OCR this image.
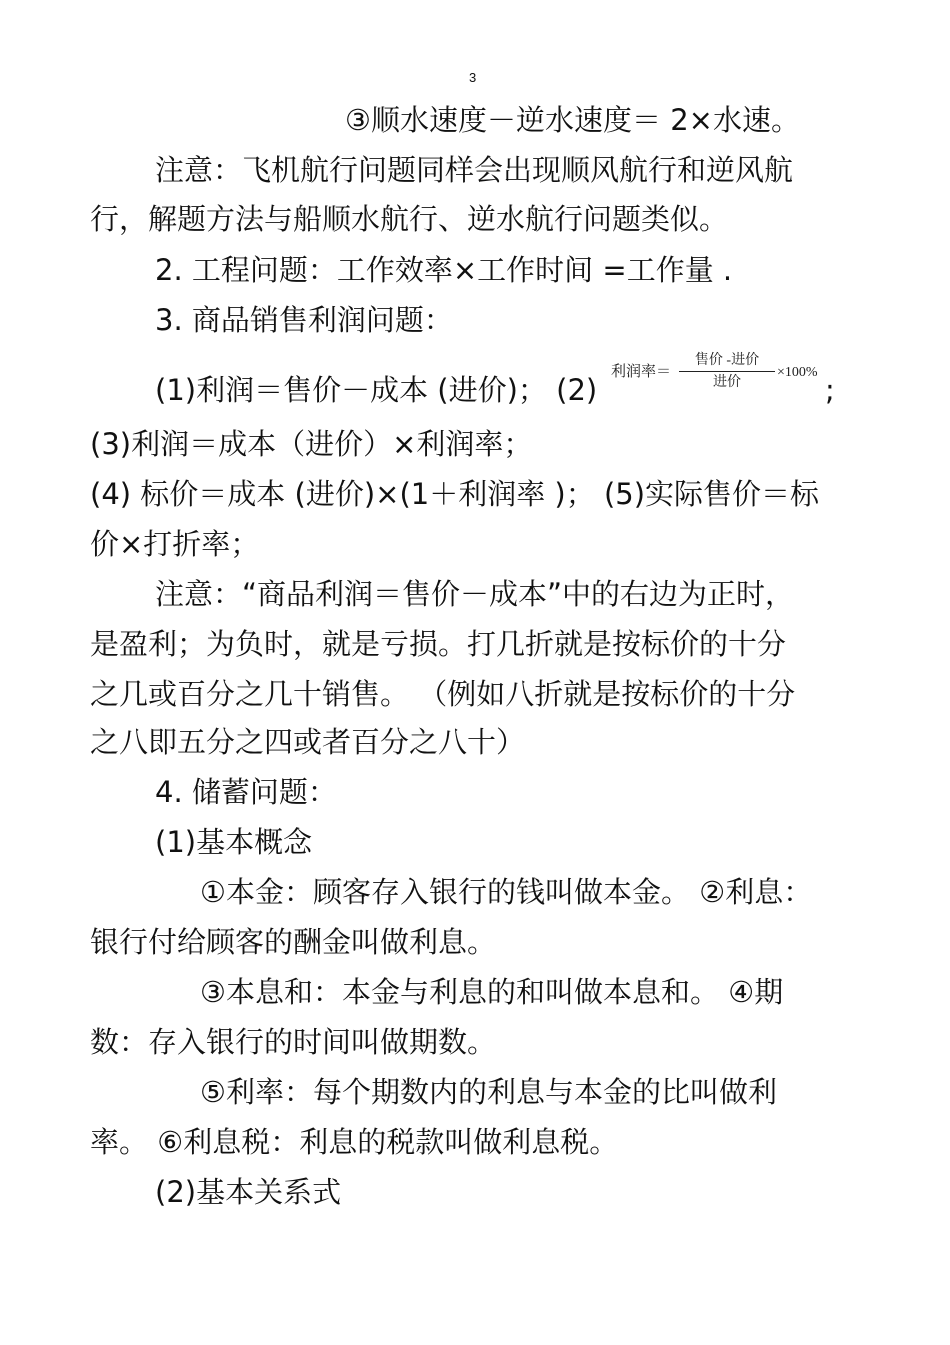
3
③顺水速度－逆水速度＝ 2×水速。
注意：飞机航行问题同样会出现顺风航行和逆风航
行，解题方法与船顺水航行、逆水航行问题类似。
2. 工程问题：工作效率×工作时间 =工作量 .
3. 商品销售利润问题：
(1)利润＝售价－成本 (进价)； (2)
利润率＝
售价 -进价
进价
×100%
;
(3)利润＝成本（进价）×利润率；
(4) 标价＝成本 (进价)×(1＋利润率 )； (5)实际售价＝标
价×打折率；
注意：“商品利润＝售价－成本”中的右边为正时，
是盈利；为负时，就是亏损。打几折就是按标价的十分
之几或百分之几十销售。 （例如八折就是按标价的十分
之八即五分之四或者百分之八十）
4. 储蓄问题：
(1)基本概念
①本金：顾客存入银行的钱叫做本金。 ②利息：
银行付给顾客的酬金叫做利息。
③本息和：本金与利息的和叫做本息和。 ④期
数：存入银行的时间叫做期数。
⑤利率：每个期数内的利息与本金的比叫做利
率。 ⑥利息税：利息的税款叫做利息税。
(2)基本关系式
